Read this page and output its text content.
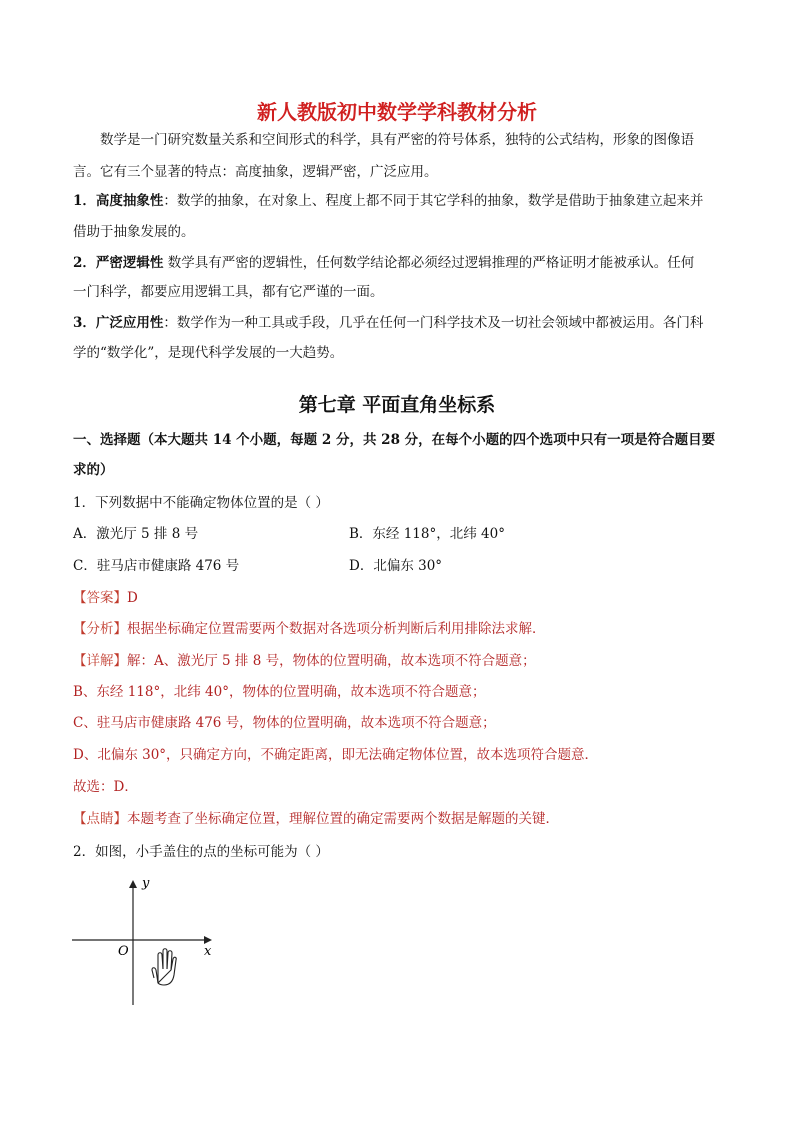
新人教版初中数学学科教材分析
数学是一门研究数量关系和空间形式的科学，具有严密的符号体系，独特的公式结构，形象的图像语
言。它有三个显著的特点：高度抽象，逻辑严密，广泛应用。
1．高度抽象性：数学的抽象，在对象上、程度上都不同于其它学科的抽象，数学是借助于抽象建立起来并
借助于抽象发展的。
2．严密逻辑性 数学具有严密的逻辑性，任何数学结论都必须经过逻辑推理的严格证明才能被承认。任何
一门科学，都要应用逻辑工具，都有它严谨的一面。
3．广泛应用性：数学作为一种工具或手段，几乎在任何一门科学技术及一切社会领域中都被运用。各门科
学的“数学化”，是现代科学发展的一大趋势。
第七章 平面直角坐标系
一、选择题（本大题共 14 个小题，每题 2 分，共 28 分，在每个小题的四个选项中只有一项是符合题目要
求的）
1．下列数据中不能确定物体位置的是（ ）
A．激光厅 5 排 8 号	B．东经 118°，北纬 40°
C．驻马店市健康路 476 号	D．北偏东 30°
【答案】D
【分析】根据坐标确定位置需要两个数据对各选项分析判断后利用排除法求解．
【详解】解：A、激光厅 5 排 8 号，物体的位置明确，故本选项不符合题意；
B、东经 118°，北纬 40°，物体的位置明确，故本选项不符合题意；
C、驻马店市健康路 476 号，物体的位置明确，故本选项不符合题意；
D、北偏东 30°，只确定方向，不确定距离，即无法确定物体位置，故本选项符合题意．
故选：D．
【点睛】本题考查了坐标确定位置，理解位置的确定需要两个数据是解题的关键．
2．如图，小手盖住的点的坐标可能为（ ）
y
x
O
